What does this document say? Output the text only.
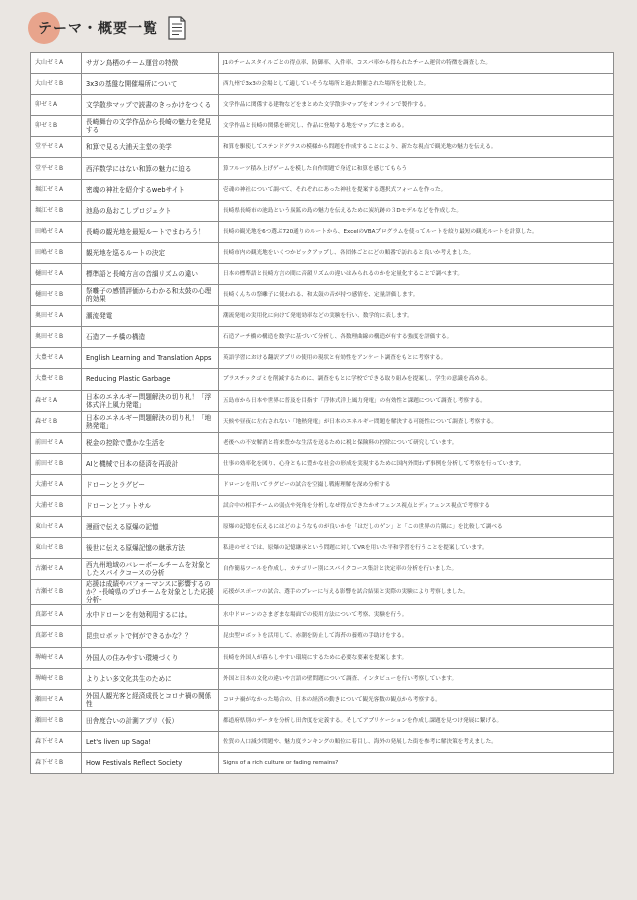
テーマ・概要一覧
大山ゼミA	サガン鳥栖のチーム運営の特徴	J1のチームスタイルごとの得点率、防御率、入件率、コスパ率から得られたチーム運営の特徴を調査した。
大山ゼミB	3x3の基盤な開催場所について	西九州で3x3の会場として適していそうな場所と過去開催された場所を比較した。
卯ゼミA	文学散歩マップで読書のきっかけをつくる	文学作品に関係する建物などをまとめた文学散歩マップをオンラインで製作する。
卯ゼミB	長崎舞台の文学作品から長崎の魅力を発見する	文学作品と長崎の関係を研究し、作品に登場する地をマップにまとめる。
堂平ゼミA	和算で見る大浦天主堂の美学	和算を駆使してステンドグラスの模様から問題を作成することにより、新たな視点で観光地の魅力を伝える。
堂平ゼミB	西洋数学にはない和算の魅力に迫る	算フルーツ積み上げゲームを模した自作問題で身近に和算を感じてもらう
堀江ゼミA	密魂の神社を紹介するwebサイト	壱魂の神社について調べて、それぞれにあった神社を提案する選択式フォームを作った。
堀江ゼミB	池島の島おこしプロジェクト	長崎県長崎市の池島という炭鉱の島の魅力を伝えるために炭坑跡の３Dモデルなどを作成した。
田嶋ゼミA	長崎の観光地を最短ルートでまわろう！	長崎の観光地を6つ選ぶ720通りのルートから、ExcelのVBAプログラムを使ってルートを絞り最短の観光ルートを計算した。
田嶋ゼミB	観光地を巡るルートの決定	長崎市内の観光地をいくつかピックアップし、各団体ごとにどの順番で訪れると良いか考えました。
樋田ゼミA	標準語と長崎方言の音韻リズムの違い	日本の標準語と長崎方言の間に音韻リズムの違いはみられるのかを定量化することで調べます。
樋田ゼミB	祭囃子の感情評価からわかる和太鼓の心理的効果	長崎くんちの祭囃子に使われる、和太鼓の音が持つ感情を、定量評価します。
奥田ゼミA	潮流発電	潮流発電の実用化に向けて発電効率などの実験を行い、数学的に表します。
奥田ゼミB	石造アーチ橋の構造	石造アーチ橋の構造を数学に基づいて分析し、各数理曲線の構造が有する強度を評価する。
大豊ゼミA	English Learning and Translation Apps	英語学習における翻訳アプリの使用の現状と有効性をアンケート調査をもとに考察する。
大豊ゼミB	Reducing Plastic Garbage	プラスチックゴミを削減するために、調査をもとに学校でできる取り組みを提案し、学生の意識を高める。
森ゼミA	日本のエネルギー問題解決の切り札！「浮体式洋上風力発電」	五島市から日本や世界に普及を目指す「浮体式洋上風力発電」の有効性と課題について調査し考察する。
森ゼミB	日本のエネルギー問題解決の切り札！「地熱発電」	天候や昼夜に左右されない「地熱発電」が日本のエネルギー問題を解決する可能性について調査し考察する。
前田ゼミA	税金の控除で豊かな生活を	老後への不安解消と将来豊かな生活を送るために税と保険料の控除について研究しています。
前田ゼミB	AIと機械で日本の経済を再設計	仕事の効率化を図り、心身ともに豊かな社会の形成を実現するために国内外問わず事例を分析して考察を行っています。
大浦ゼミA	ドローンとラグビー	ドローンを用いてラグビーの試合を空撮し戦術理解を深め分析する
大浦ゼミB	ドローンとフットサル	試合中の相手チームの弱点や死角を分析しなぜ得点できたかオフェンス視点とディフェンス視点で考察する
東山ゼミA	漫画で伝える原爆の記憶	原爆の記憶を伝えるにはどのようなものが良いかを「はだしのゲン」と「この世界の片隅に」を比較して調べる
東山ゼミB	後世に伝える原爆記憶の継承方法	私達のゼミでは、原爆の記憶継承という問題に対してVRを用いた平和学習を行うことを提案しています。
古瀬ゼミA	西九州地域のバレーボールチームを対象としたスパイクコースの分析	自作簡易ツールを作成し、カテゴリー別にスパイクコース集計と決定率の分析を行いました。
古瀬ゼミB	応援は成績やパフォーマンスに影響するのか？-長崎県のプロチームを対象とした応援分析-	応援がスポーツの試合、選手のプレーに与える影響を試合結果と実際の実験により考察しました。
真部ゼミA	水中ドローンを有効利用するには。	水中ドローンのさまざまな場面での使用方法について考察、実験を行う。
真部ゼミB	昆虫ロボットで何ができるかな？？	昆虫型ロボットを活用して、赤潮を防止して海苔の養殖の手助けをする。
堺崎ゼミA	外国人の住みやすい環境づくり	長崎を外国人が暮らしやすい環境にするために必要な要素を提案します。
堺崎ゼミB	よりよい多文化共生のために	外国と日本の文化の違いや言語の壁問題について調査、インタビューを行い考察しています。
瀬田ゼミA	外国人観光客と経済成長とコロナ禍の関係性	コロナ禍がなかった場合の、日本の経済の動きについて観光客数の観点から考察する。
瀬田ゼミB	田舎度合いの計測アプリ（仮）	都道府県別のデータを分析し田舎度を定義する。そしてアプリケーションを作成し課題を見つけ発展に繋げる。
森下ゼミA	Let's liven up Saga!	佐賀の人口減少問題や、魅力度ランキングの順位に着目し、海外の発展した街を参考に解決策を考えました。
森下ゼミB	How Festivals Reflect Society	Signs of a rich culture or fading remains?
